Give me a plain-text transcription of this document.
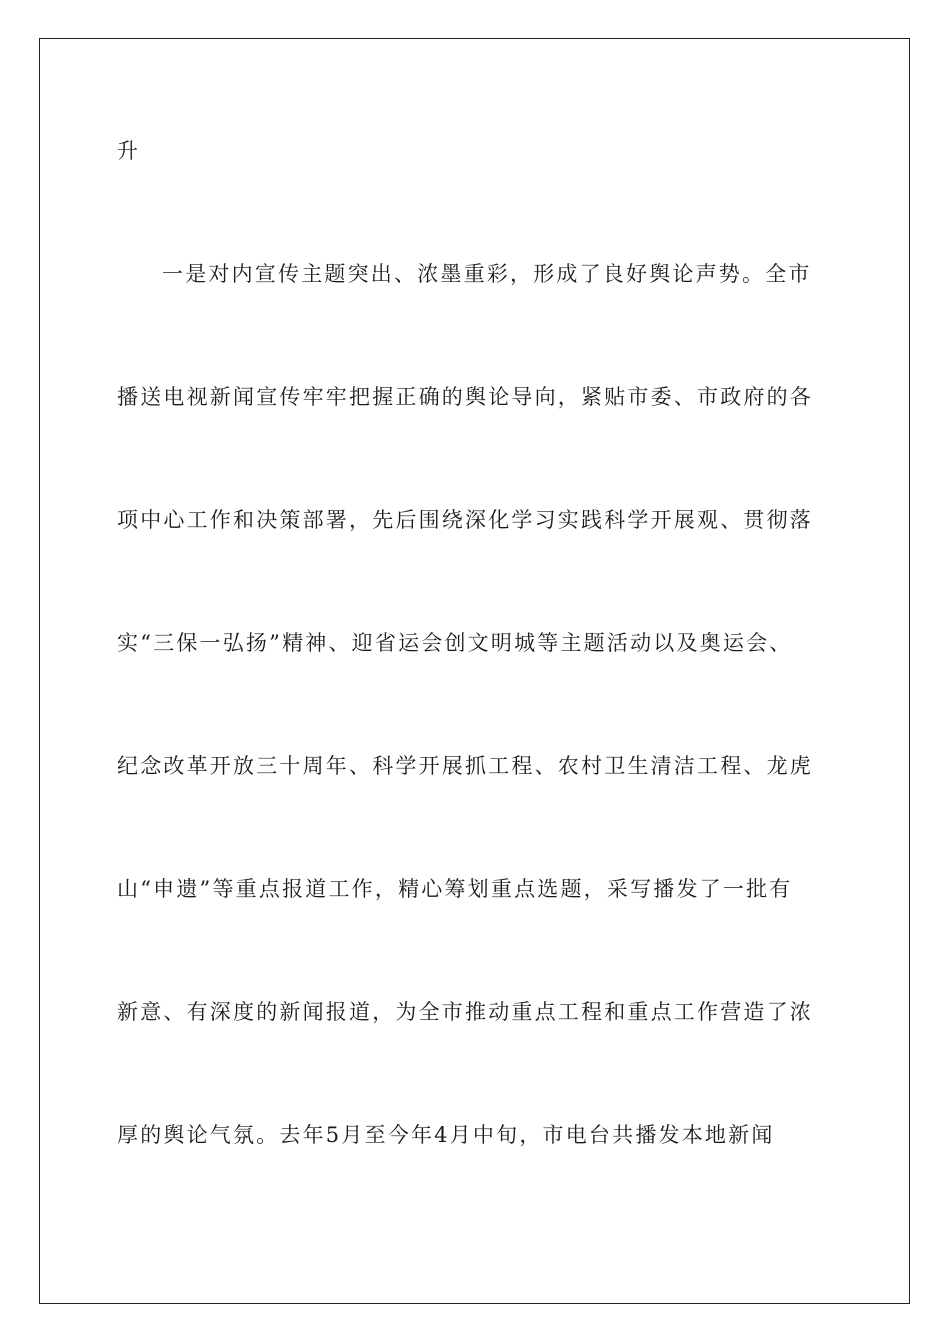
升
一是对内宣传主题突出、浓墨重彩，形成了良好舆论声势。全市
播送电视新闻宣传牢牢把握正确的舆论导向，紧贴市委、市政府的各
项中心工作和决策部署，先后围绕深化学习实践科学开展观、贯彻落
实“三保一弘扬”精神、迎省运会创文明城等主题活动以及奥运会、
纪念改革开放三十周年、科学开展抓工程、农村卫生清洁工程、龙虎
山“申遗”等重点报道工作，精心筹划重点选题，采写播发了一批有
新意、有深度的新闻报道，为全市推动重点工程和重点工作营造了浓
厚的舆论气氛。去年5月至今年4月中旬，市电台共播发本地新闻
